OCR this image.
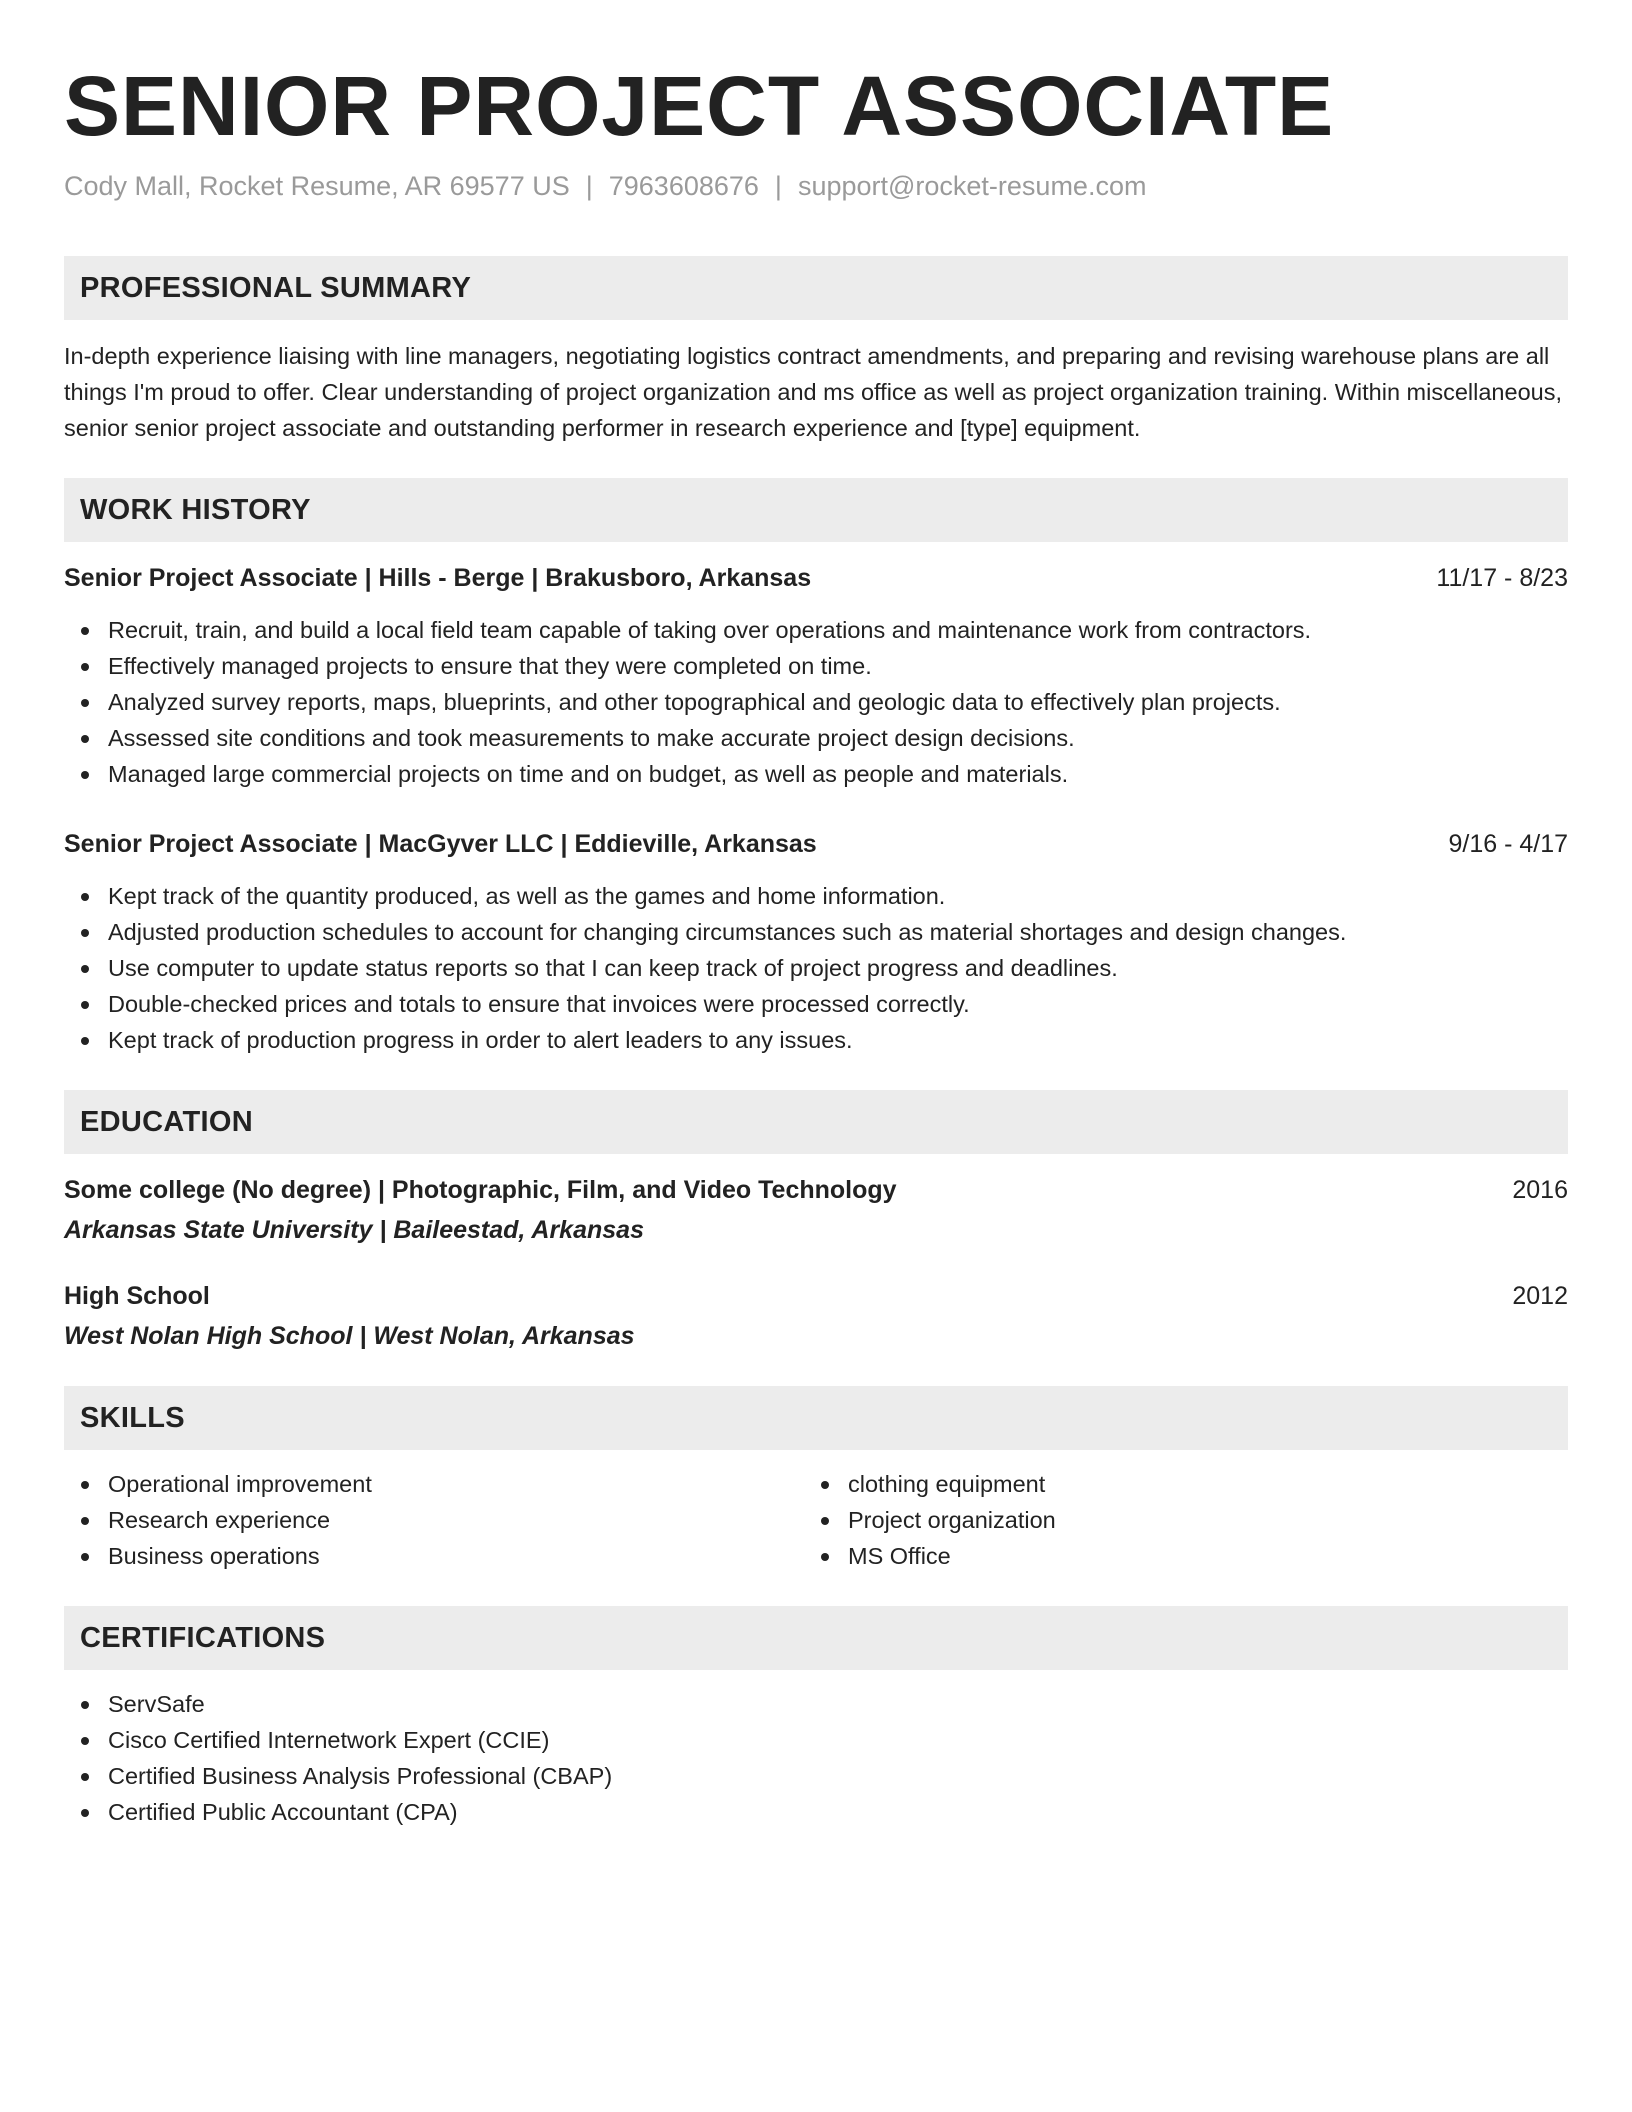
SENIOR PROJECT ASSOCIATE
Cody Mall, Rocket Resume, AR 69577 US | 7963608676 | support@rocket-resume.com
PROFESSIONAL SUMMARY
In-depth experience liaising with line managers, negotiating logistics contract amendments, and preparing and revising warehouse plans are all things I'm proud to offer. Clear understanding of project organization and ms office as well as project organization training. Within miscellaneous, senior senior project associate and outstanding performer in research experience and [type] equipment.
WORK HISTORY
Senior Project Associate | Hills - Berge | Brakusboro, Arkansas	11/17 - 8/23
Recruit, train, and build a local field team capable of taking over operations and maintenance work from contractors.
Effectively managed projects to ensure that they were completed on time.
Analyzed survey reports, maps, blueprints, and other topographical and geologic data to effectively plan projects.
Assessed site conditions and took measurements to make accurate project design decisions.
Managed large commercial projects on time and on budget, as well as people and materials.
Senior Project Associate | MacGyver LLC | Eddieville, Arkansas	9/16 - 4/17
Kept track of the quantity produced, as well as the games and home information.
Adjusted production schedules to account for changing circumstances such as material shortages and design changes.
Use computer to update status reports so that I can keep track of project progress and deadlines.
Double-checked prices and totals to ensure that invoices were processed correctly.
Kept track of production progress in order to alert leaders to any issues.
EDUCATION
Some college (No degree) | Photographic, Film, and Video Technology	2016
Arkansas State University | Baileestad, Arkansas
High School	2012
West Nolan High School | West Nolan, Arkansas
SKILLS
Operational improvement
Research experience
Business operations
clothing equipment
Project organization
MS Office
CERTIFICATIONS
ServSafe
Cisco Certified Internetwork Expert (CCIE)
Certified Business Analysis Professional (CBAP)
Certified Public Accountant (CPA)
